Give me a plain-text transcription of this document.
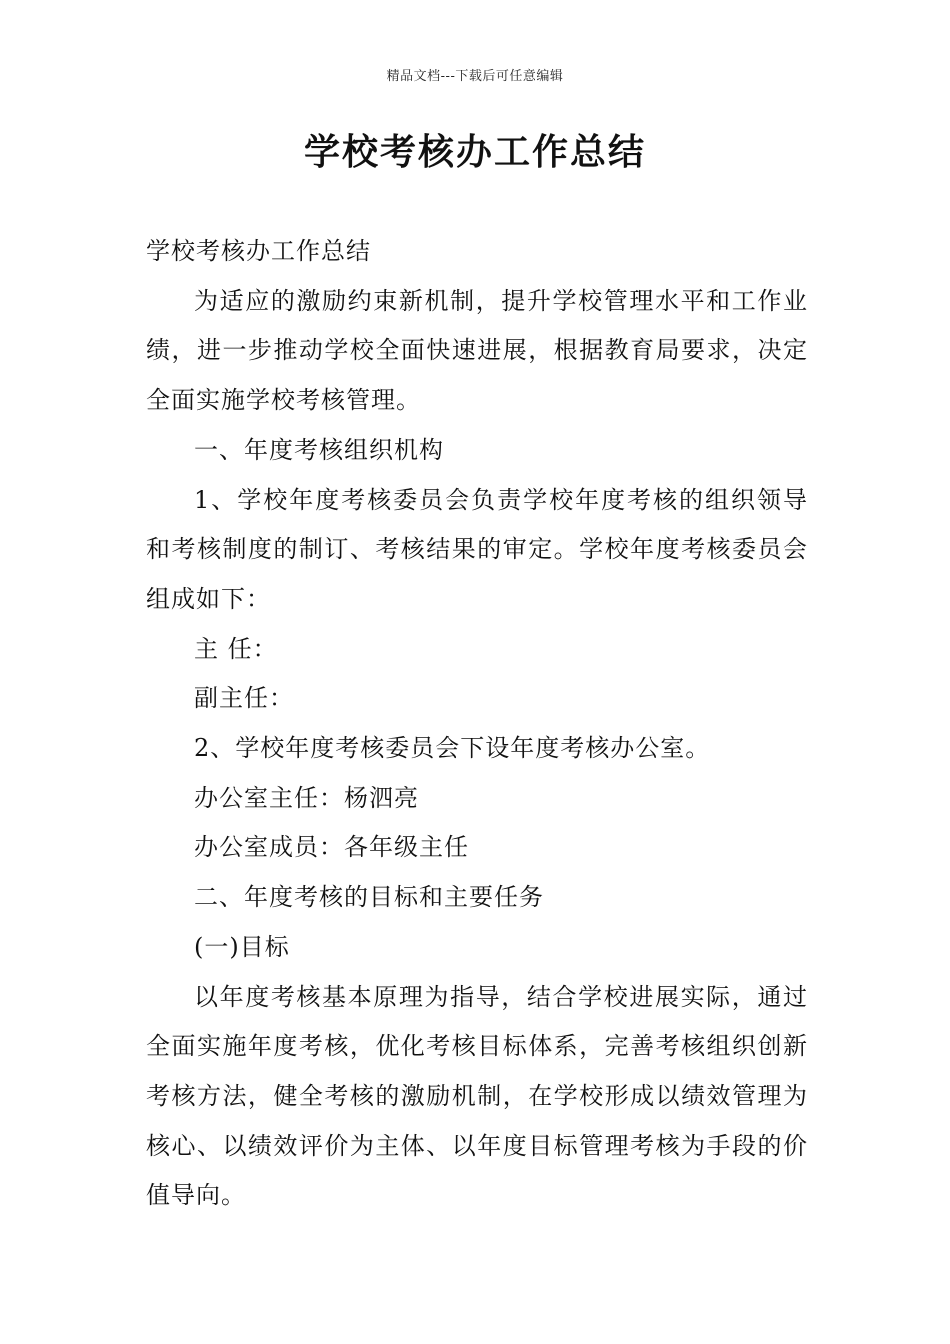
精品文档---下载后可任意编辑
学校考核办工作总结

学校考核办工作总结

为适应的激励约束新机制，提升学校管理水平和工作业绩，进一步推动学校全面快速进展，根据教育局要求，决定全面实施学校考核管理。

一、年度考核组织机构

1、学校年度考核委员会负责学校年度考核的组织领导和考核制度的制订、考核结果的审定。学校年度考核委员会组成如下：

主 任：

副主任：

2、学校年度考核委员会下设年度考核办公室。

办公室主任：杨泗亮

办公室成员：各年级主任

二、年度考核的目标和主要任务

(一)目标

以年度考核基本原理为指导，结合学校进展实际，通过全面实施年度考核，优化考核目标体系，完善考核组织创新考核方法，健全考核的激励机制，在学校形成以绩效管理为核心、以绩效评价为主体、以年度目标管理考核为手段的价值导向。
